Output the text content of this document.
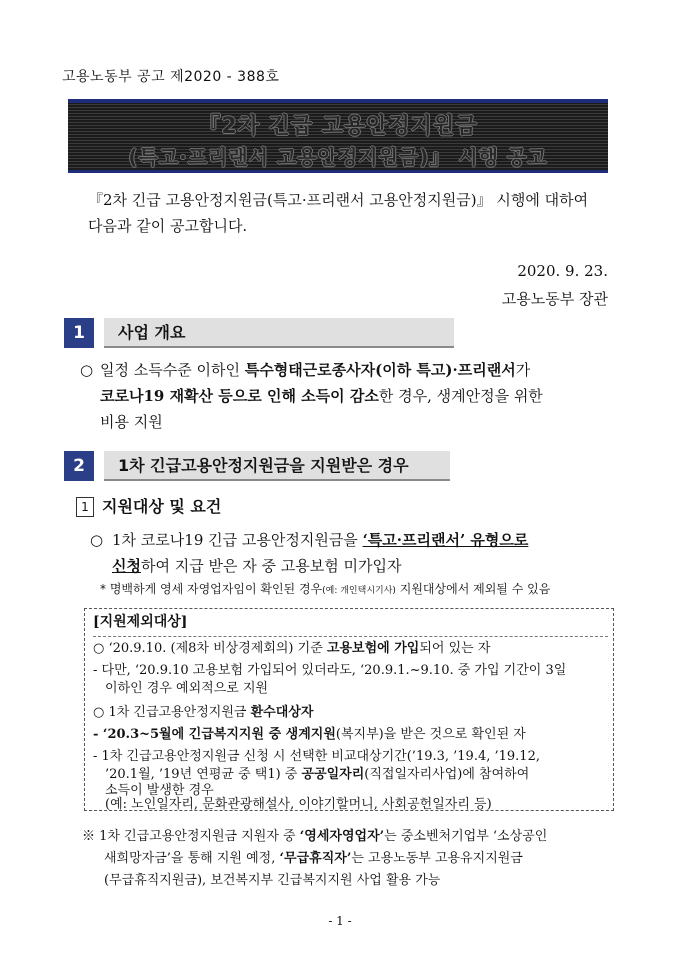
고용노동부 공고 제2020 - 388호
『2차 긴급 고용안정지원금
(특고·프리랜서 고용안정지원금)』 시행 공고
『2차 긴급 고용안정지원금(특고·프리랜서 고용안정지원금)』 시행에 대하여
다음과 같이 공고합니다.
2020. 9. 23.
고용노동부 장관
1	사업 개요
○ 일정 소득수준 이하인 특수형태근로종사자(이하 특고)·프리랜서가
코로나19 재확산 등으로 인해 소득이 감소한 경우, 생계안정을 위한
비용 지원
2	1차 긴급고용안정지원금을 지원받은 경우
1 지원대상 및 요건
○ 1차 코로나19 긴급 고용안정지원금을 ‘특고·프리랜서’ 유형으로
신청하여 지급 받은 자 중 고용보험 미가입자
* 명백하게 영세 자영업자임이 확인된 경우(예: 개인택시기사) 지원대상에서 제외될 수 있음
[지원제외대상]
○ ‘20.9.10. (제8차 비상경제회의) 기준 고용보험에 가입되어 있는 자
- 다만, ‘20.9.10 고용보험 가입되어 있더라도, ‘20.9.1.~9.10. 중 가입 기간이 3일
이하인 경우 예외적으로 지원
○ 1차 긴급고용안정지원금 환수대상자
- ‘20.3~5월에 긴급복지지원 중 생계지원(복지부)을 받은 것으로 확인된 자
- 1차 긴급고용안정지원금 신청 시 선택한 비교대상기간(’19.3, ’19.4, ’19.12,
’20.1월, ’19년 연평균 중 택1) 중 공공일자리(직접일자리사업)에 참여하여
소득이 발생한 경우
(예: 노인일자리, 문화관광해설사, 이야기할머니, 사회공헌일자리 등)
※ 1차 긴급고용안정지원금 지원자 중 ‘영세자영업자’는 중소벤처기업부 ‘소상공인
새희망자금’을 통해 지원 예정, ‘무급휴직자’는 고용노동부 고용유지지원금
(무급휴직지원금), 보건복지부 긴급복지지원 사업 활용 가능
- 1 -
